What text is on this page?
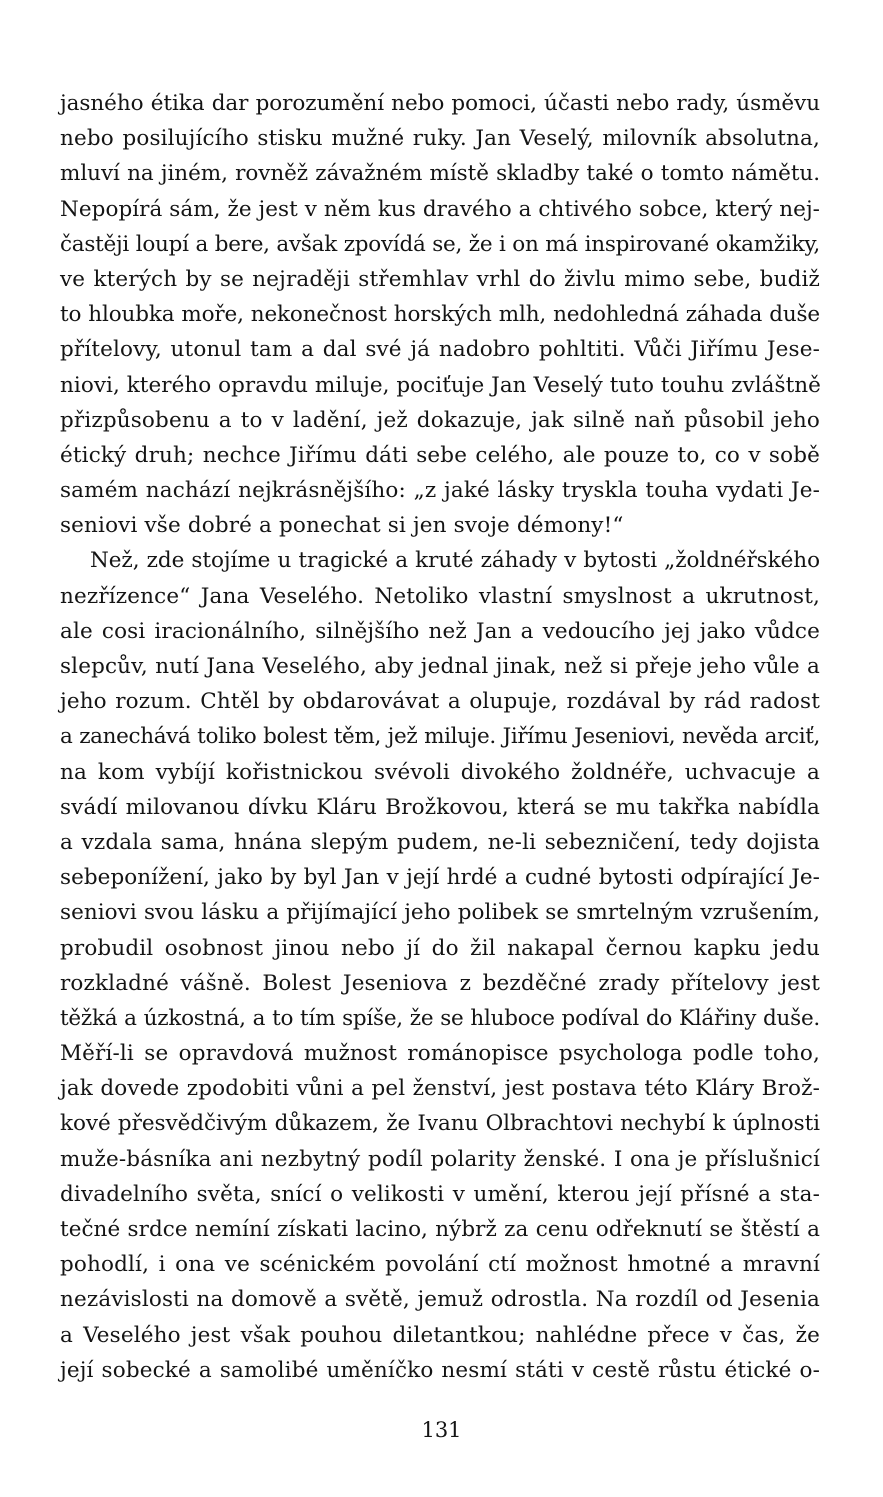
jasného étika dar porozumění nebo pomoci, účasti nebo rady, úsměvu
nebo posilujícího stisku mužné ruky. Jan Veselý, milovník absolutna,
mluví na jiném, rovněž závažném místě skladby také o tomto námětu.
Nepopírá sám, že jest v něm kus dravého a chtivého sobce, který nej-
častěji loupí a bere, avšak zpovídá se, že i on má inspirované okamžiky,
ve kterých by se nejraději střemhlav vrhl do živlu mimo sebe, budiž
to hloubka moře, nekonečnost horských mlh, nedohledná záhada duše
přítelovy, utonul tam a dal své já nadobro pohltiti. Vůči Jiřímu Jese-
niovi, kterého opravdu miluje, pociťuje Jan Veselý tuto touhu zvláštně
přizpůsobenu a to v ladění, jež dokazuje, jak silně naň působil jeho
étický druh; nechce Jiřímu dáti sebe celého, ale pouze to, co v sobě
samém nachází nejkrásnějšího: „z jaké lásky tryskla touha vydati Je-
seniovi vše dobré a ponechat si jen svoje démony!“
Než, zde stojíme u tragické a kruté záhady v bytosti „žoldnéřského
nezřízence“ Jana Veselého. Netoliko vlastní smyslnost a ukrutnost,
ale cosi iracionálního, silnějšího než Jan a vedoucího jej jako vůdce
slepcův, nutí Jana Veselého, aby jednal jinak, než si přeje jeho vůle a
jeho rozum. Chtěl by obdarovávat a olupuje, rozdával by rád radost
a zanechává toliko bolest těm, jež miluje. Jiřímu Jeseniovi, nevěda arciť,
na kom vybíjí kořistnickou svévoli divokého žoldnéře, uchvacuje a
svádí milovanou dívku Kláru Brožkovou, která se mu takřka nabídla
a vzdala sama, hnána slepým pudem, ne-li sebezničení, tedy dojista
sebeponížení, jako by byl Jan v její hrdé a cudné bytosti odpírající Je-
seniovi svou lásku a přijímající jeho polibek se smrtelným vzrušením,
probudil osobnost jinou nebo jí do žil nakapal černou kapku jedu
rozkladné vášně. Bolest Jeseniova z bezděčné zrady přítelovy jest
těžká a úzkostná, a to tím spíše, že se hluboce podíval do Klářiny duše.
Měří-li se opravdová mužnost románopisce psychologa podle toho,
jak dovede zpodobiti vůni a pel ženství, jest postava této Kláry Brož-
kové přesvědčivým důkazem, že Ivanu Olbrachtovi nechybí k úplnosti
muže-básníka ani nezbytný podíl polarity ženské. I ona je příslušnicí
divadelního světa, snící o velikosti v umění, kterou její přísné a sta-
tečné srdce nemíní získati lacino, nýbrž za cenu odřeknutí se štěstí a
pohodlí, i ona ve scénickém povolání ctí možnost hmotné a mravní
nezávislosti na domově a světě, jemuž odrostla. Na rozdíl od Jesenia
a Veselého jest však pouhou diletantkou; nahlédne přece v čas, že
její sobecké a samolibé uměníčko nesmí státi v cestě růstu étické o-
131
